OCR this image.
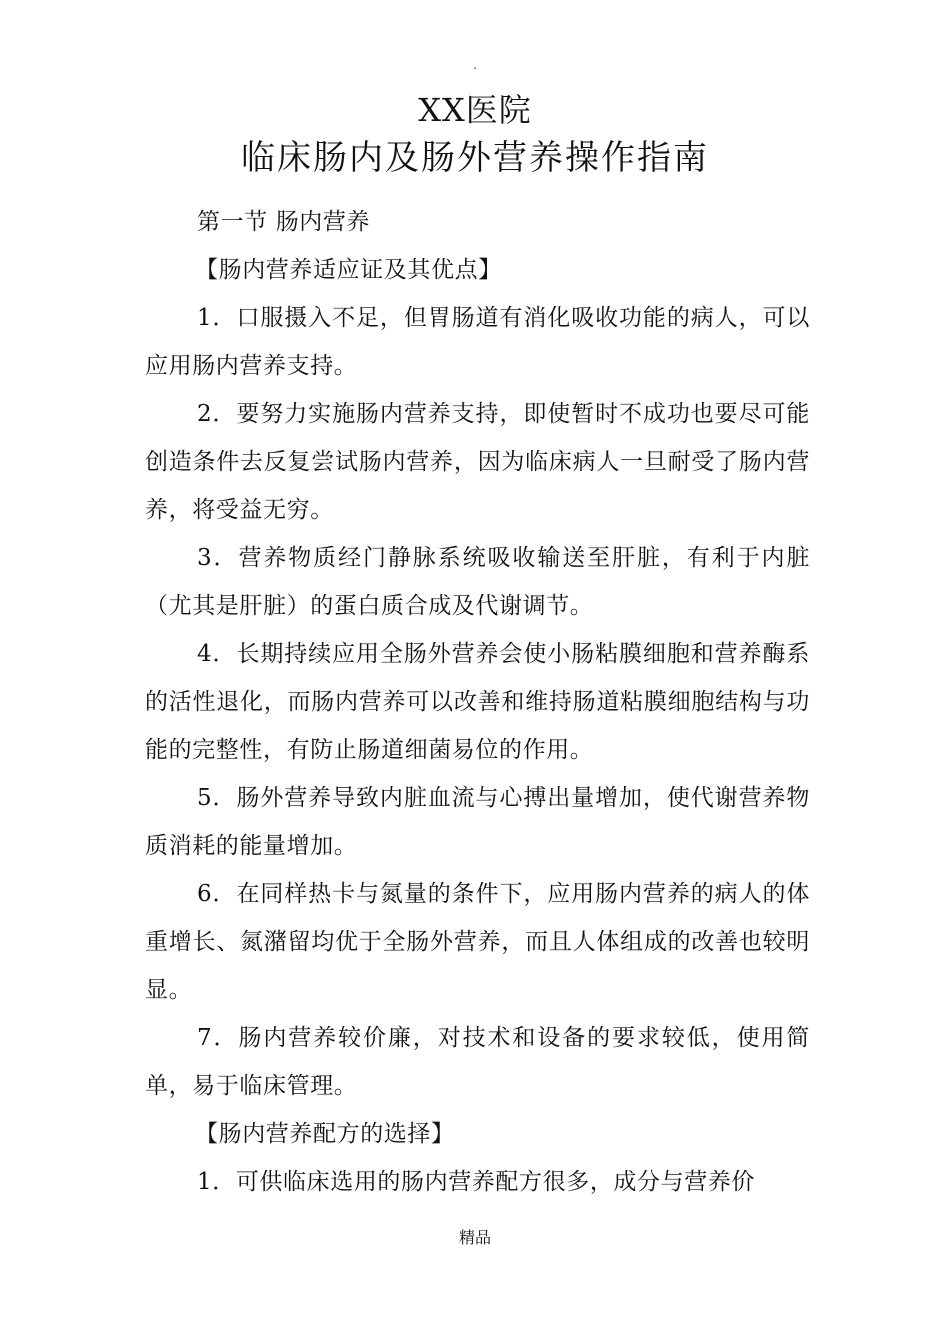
.
XX医院
临床肠内及肠外营养操作指南

第一节 肠内营养

【肠内营养适应证及其优点】

1．口服摄入不足，但胃肠道有消化吸收功能的病人，可以应用肠内营养支持。

2．要努力实施肠内营养支持，即使暂时不成功也要尽可能创造条件去反复尝试肠内营养，因为临床病人一旦耐受了肠内营养，将受益无穷。

3．营养物质经门静脉系统吸收输送至肝脏，有利于内脏（尤其是肝脏）的蛋白质合成及代谢调节。

4．长期持续应用全肠外营养会使小肠粘膜细胞和营养酶系的活性退化，而肠内营养可以改善和维持肠道粘膜细胞结构与功能的完整性，有防止肠道细菌易位的作用。

5．肠外营养导致内脏血流与心搏出量增加，使代谢营养物质消耗的能量增加。

6．在同样热卡与氮量的条件下，应用肠内营养的病人的体重增长、氮潴留均优于全肠外营养，而且人体组成的改善也较明显。

7．肠内营养较价廉，对技术和设备的要求较低，使用简单，易于临床管理。

【肠内营养配方的选择】

1．可供临床选用的肠内营养配方很多，成分与营养价

精品
